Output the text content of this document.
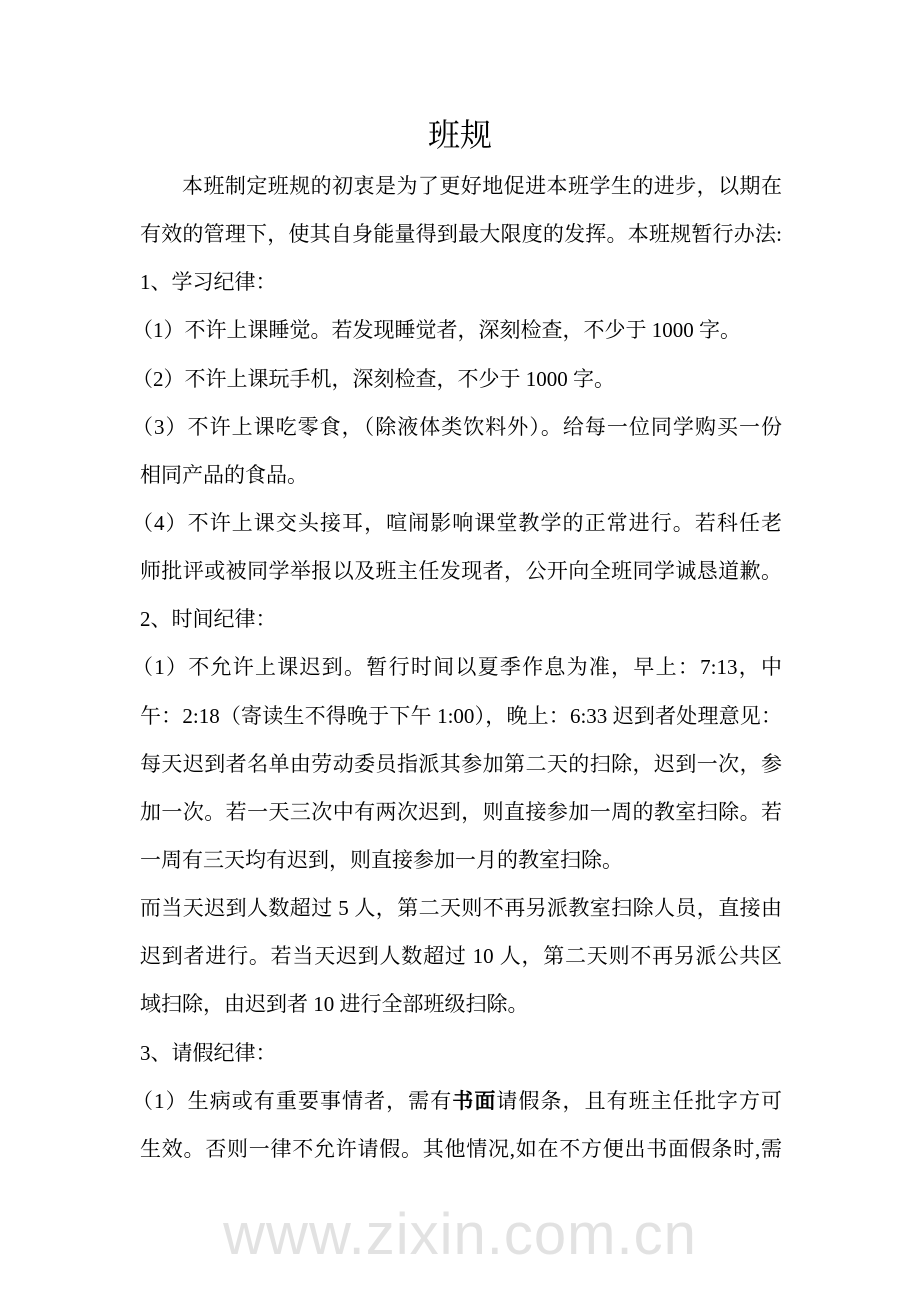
www.zixin.com.cn
班规
本班制定班规的初衷是为了更好地促进本班学生的进步，以期在
有效的管理下，使其自身能量得到最大限度的发挥。本班规暂行办法:
1、学习纪律：
（1）不许上课睡觉。若发现睡觉者，深刻检查，不少于 1000 字。
（2）不许上课玩手机，深刻检查，不少于 1000 字。
（3）不许上课吃零食，（除液体类饮料外）。给每一位同学购买一份
相同产品的食品。
（4）不许上课交头接耳，喧闹影响课堂教学的正常进行。若科任老
师批评或被同学举报以及班主任发现者，公开向全班同学诚恳道歉。
2、时间纪律：
（1）不允许上课迟到。暂行时间以夏季作息为准，早上：7:13，中
午：2:18（寄读生不得晚于下午 1:00），晚上：6:33 迟到者处理意见：
每天迟到者名单由劳动委员指派其参加第二天的扫除，迟到一次，参
加一次。若一天三次中有两次迟到，则直接参加一周的教室扫除。若
一周有三天均有迟到，则直接参加一月的教室扫除。
而当天迟到人数超过 5 人，第二天则不再另派教室扫除人员，直接由
迟到者进行。若当天迟到人数超过 10 人，第二天则不再另派公共区
域扫除，由迟到者 10 进行全部班级扫除。
3、请假纪律：
（1）生病或有重要事情者，需有书面请假条，且有班主任批字方可
生效。否则一律不允许请假。其他情况,如在不方便出书面假条时,需
